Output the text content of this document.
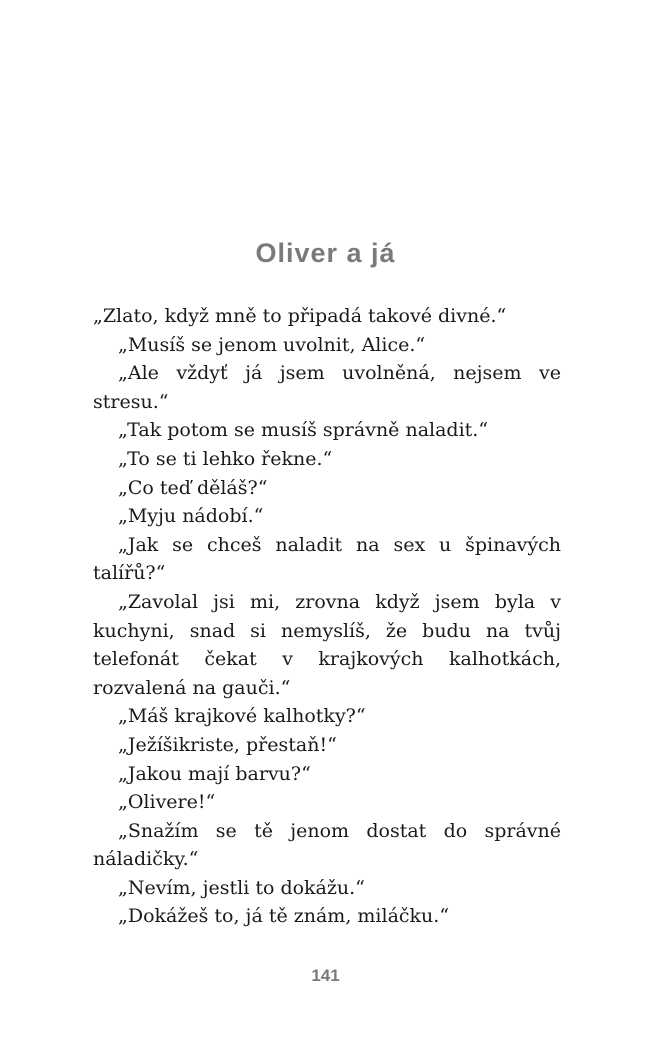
Oliver a já

„Zlato, když mně to připadá takové divné.“

„Musíš se jenom uvolnit, Alice.“

„Ale vždyť já jsem uvolněná, nejsem ve stresu.“

„Tak potom se musíš správně naladit.“

„To se ti lehko řekne.“

„Co teď děláš?“

„Myju nádobí.“

„Jak se chceš naladit na sex u špinavých talířů?“

„Zavolal jsi mi, zrovna když jsem byla v kuchyni, snad si nemyslíš, že budu na tvůj telefonát čekat v krajkových kalhotkách, rozvalená na gauči.“

„Máš krajkové kalhotky?“

„Ježíšikriste, přestaň!“

„Jakou mají barvu?“

„Olivere!“

„Snažím se tě jenom dostat do správné náladičky.“

„Nevím, jestli to dokážu.“

„Dokážeš to, já tě znám, miláčku.“

141
